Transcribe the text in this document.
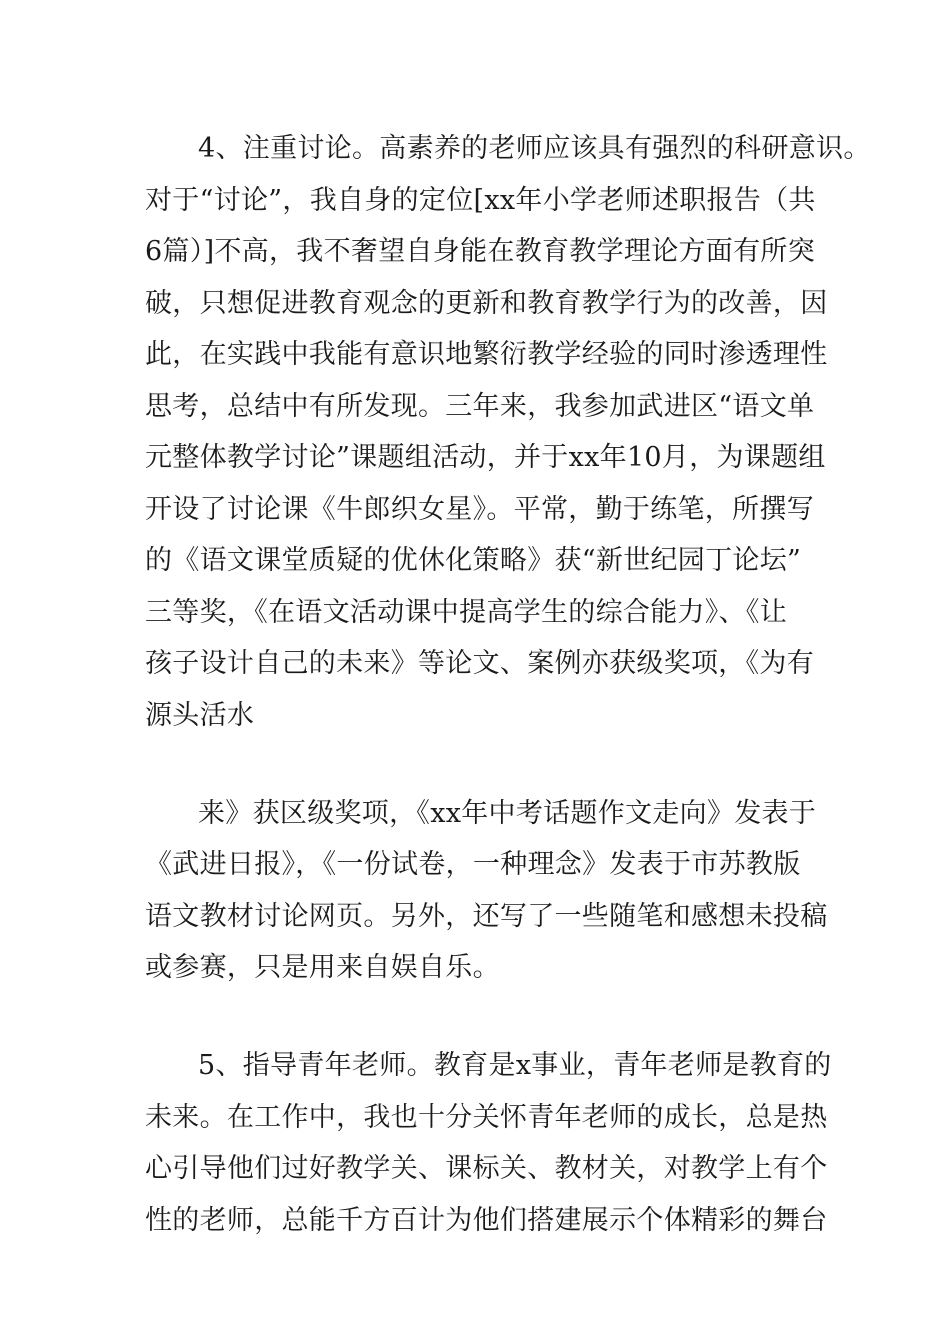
4、注重讨论。高素养的老师应该具有强烈的科研意识。
对于“讨论”，我自身的定位[xx年小学老师述职报告（共
6篇）]不高，我不奢望自身能在教育教学理论方面有所突
破，只想促进教育观念的更新和教育教学行为的改善，因
此，在实践中我能有意识地繁衍教学经验的同时渗透理性
思考，总结中有所发现。三年来，我参加武进区“语文单
元整体教学讨论”课题组活动，并于xx年10月，为课题组
开设了讨论课《牛郎织女星》。平常，勤于练笔，所撰写
的《语文课堂质疑的优休化策略》获“新世纪园丁论坛”
三等奖，《在语文活动课中提高学生的综合能力》、《让
孩子设计自己的未来》等论文、案例亦获级奖项，《为有
源头活水
来》获区级奖项，《xx年中考话题作文走向》发表于
《武进日报》，《一份试卷，一种理念》发表于市苏教版
语文教材讨论网页。另外，还写了一些随笔和感想未投稿
或参赛，只是用来自娱自乐。
5、指导青年老师。教育是x事业，青年老师是教育的
未来。在工作中，我也十分关怀青年老师的成长，总是热
心引导他们过好教学关、课标关、教材关，对教学上有个
性的老师，总能千方百计为他们搭建展示个体精彩的舞台
